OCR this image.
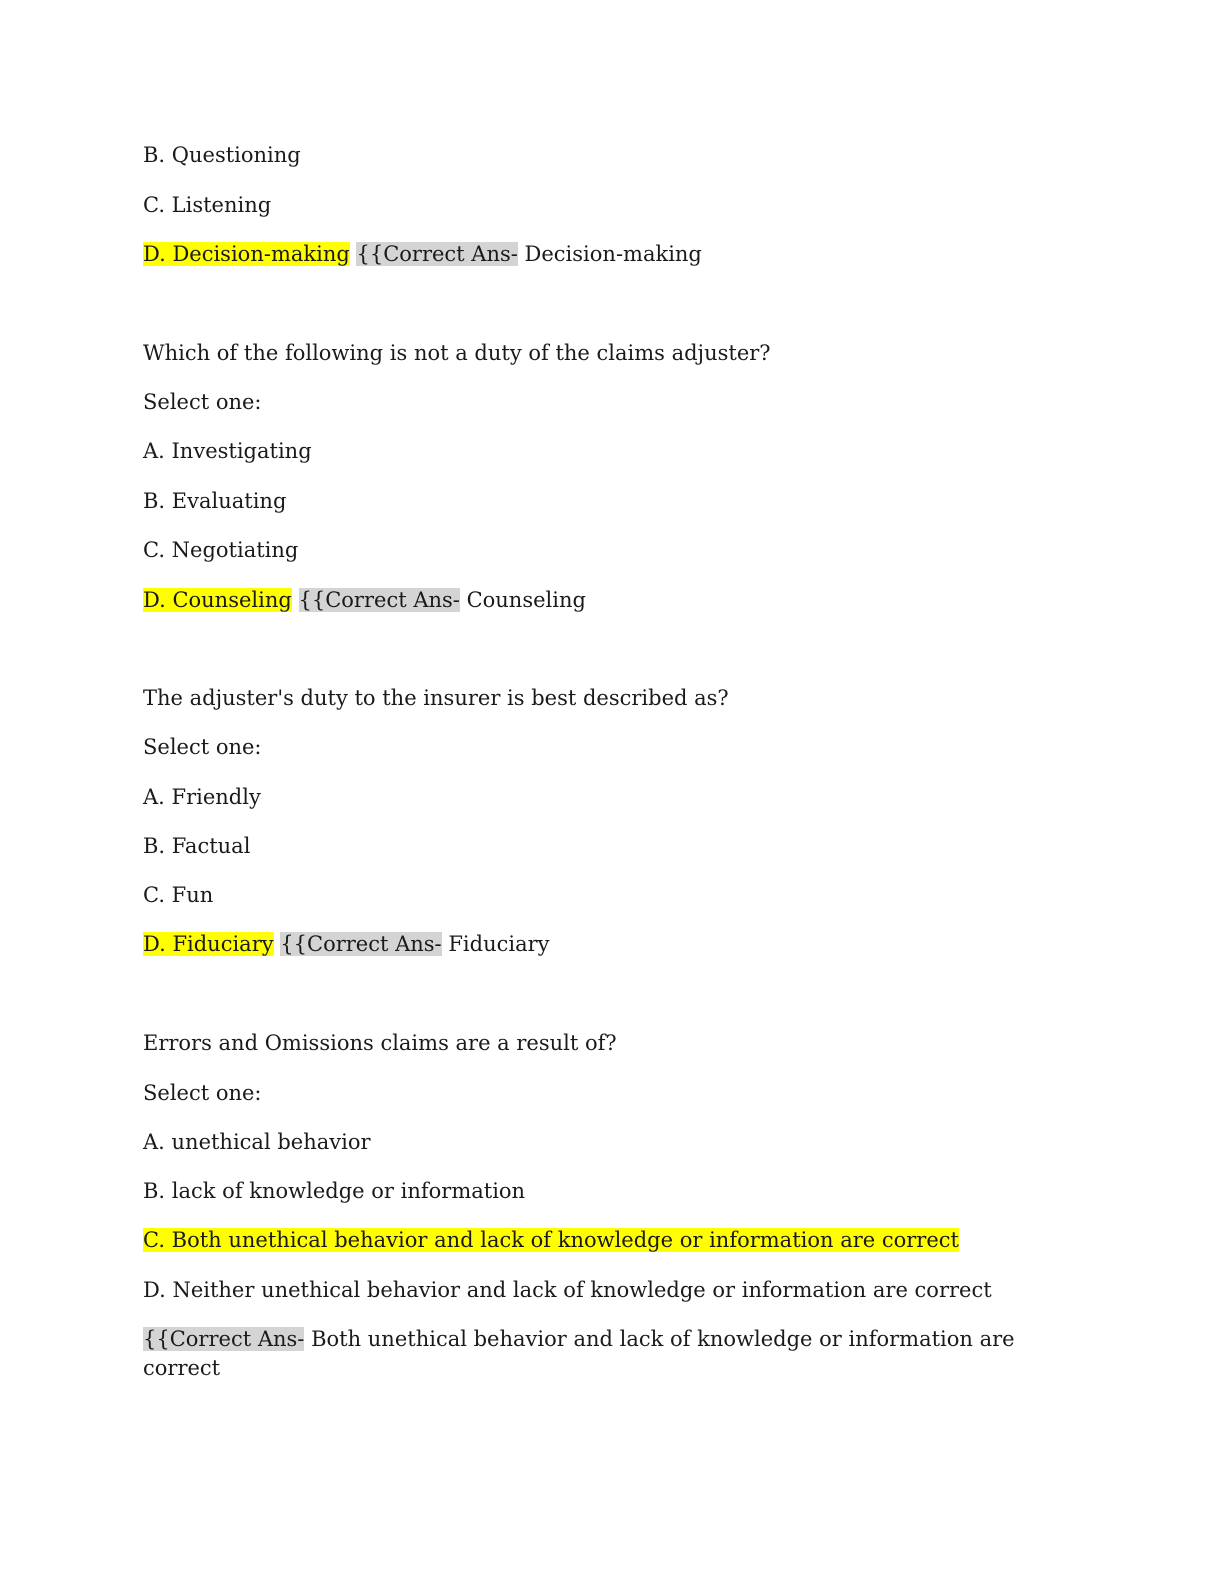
B. Questioning
C. Listening
D. Decision-making {{Correct Ans- Decision-making
Which of the following is not a duty of the claims adjuster?
Select one:
A. Investigating
B. Evaluating
C. Negotiating
D. Counseling {{Correct Ans- Counseling
The adjuster's duty to the insurer is best described as?
Select one:
A. Friendly
B. Factual
C. Fun
D. Fiduciary {{Correct Ans- Fiduciary
Errors and Omissions claims are a result of?
Select one:
A. unethical behavior
B. lack of knowledge or information
C. Both unethical behavior and lack of knowledge or information are correct
D. Neither unethical behavior and lack of knowledge or information are correct
{{Correct Ans- Both unethical behavior and lack of knowledge or information are correct
